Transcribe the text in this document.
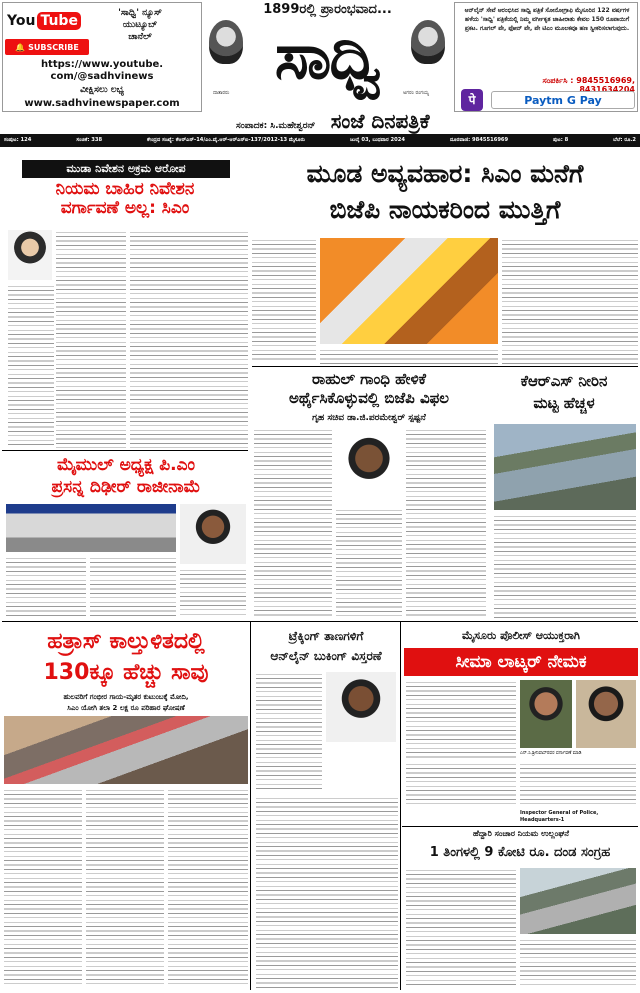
You Tube	'ಸಾಧ್ವಿ' ನ್ಯೂಸ್
ಯುಟ್ಯೂಬ್
ಚಾನೆಲ್
🔔 SUBSCRIBE
https://www.youtube.
com/@sadhvinews
ವೀಕ್ಷಿಸಲು ಲಭ್ಯ
www.sadhvinewspaper.com
1899ರಲ್ಲಿ ಪ್ರಾರಂಭವಾದ...
ದಾತಾರರು ಸಾಧ್ವಿ	ಅಗರಂ ರಂಗಯ್ಯ
ಆನ್‌ಲೈನ್ ಸೇವೆ ಆರಂಭಿಸಿದ ಸಾಧ್ವಿ ಪತ್ರಿಕೆ ಸೋನೋಗ್ರಾಫಿ ಮೈಸೂರಿನ 122 ವರ್ಷಗಳ ಹಳೆಯ 'ಸಾಧ್ವಿ' ಪತ್ರಿಕೆಯಲ್ಲಿ ನಿಮ್ಮ ವರ್ಗೀಕೃತ ಜಾಹೀರಾತು ಕೇವಲ 150 ರೂಪಾಯಿಗೆ ಪ್ರಕಟ. ಗೂಗಲ್ ಪೇ, ಫೋನ್ ಪೇ, ಪೇ ಟಿಎಂ ಮೂಲಕವೂ ಹಣ ಸ್ವೀಕರಿಸಲಾಗುವುದು.
ಸಂಪರ್ಕಿಸಿ : 9845516969,
8431634204
पे	Paytm G Pay
ಸಂಪಾದಕ: ಸಿ.ಮಹೇಶ್ವರನ್ ಸಂಜೆ ದಿನಪತ್ರಿಕೆ
ಸಂಪುಟ: 124	ಸಂಚಿಕೆ: 338	ಕೇಂದ್ರದ ಸಂಖ್ಯೆ: ಕೆಆರ್‌ಎನ್-14/ಎಂ.ವೈ.ಆರ್-ಆರ್‌ಎನ್‌ಐ-137/2012-13 ಮೈಸೂರು	ಜುಲೈ 03, ಬುಧವಾರ 2024	ದೂರವಾಣಿ: 9845516969	ಪುಟ: 8	ಬೆಲೆ: ರೂ.2
ಮುಡಾ ನಿವೇಶನ ಅಕ್ರಮ ಆರೋಪ
ನಿಯಮ ಬಾಹಿರ ನಿವೇಶನ
ವರ್ಗಾವಣೆ ಅಲ್ಲ: ಸಿಎಂ
ಮೂಡ ಅವ್ಯವಹಾರ: ಸಿಎಂ ಮನೆಗೆ
ಬಿಜೆಪಿ ನಾಯಕರಿಂದ ಮುತ್ತಿಗೆ
ರಾಹುಲ್ ಗಾಂಧಿ ಹೇಳಿಕೆ
ಅರ್ಥೈಸಿಕೊಳ್ಳುವಲ್ಲಿ ಬಿಜೆಪಿ ವಿಫಲ
ಗೃಹ ಸಚಿವ ಡಾ.ಜಿ.ಪರಮೇಶ್ವರ್ ಸ್ಪಷ್ಟನೆ
ಕೆಆರ್‌ಎಸ್ ನೀರಿನ
ಮಟ್ಟ ಹೆಚ್ಚಳ
ಮೈಮುಲ್ ಅಧ್ಯಕ್ಷ ಪಿ.ಎಂ
ಪ್ರಸನ್ನ ದಿಢೀರ್ ರಾಜೀನಾಮೆ
ಹತ್ರಾಸ್ ಕಾಲ್ತುಳಿತದಲ್ಲಿ
130ಕ್ಕೂ ಹೆಚ್ಚು ಸಾವು
ಹುಲವರಿಗೆ ಗಂಭೀರ ಗಾಯ-ಮೃತರ ಕುಟುಂಬಕ್ಕೆ ಮೋದಿ,
ಸಿಎಂ ಯೋಗಿ ತಲಾ 2 ಲಕ್ಷ ರೂ ಪರಿಹಾರ ಘೋಷಣೆ
ಟ್ರೆಕ್ಕಿಂಗ್ ತಾಣಗಳಿಗೆ
ಆನ್‌ಲೈನ್ ಬುಕಿಂಗ್ ವಿಸ್ತರಣೆ
ಮೈಸೂರು ಪೊಲೀಸ್ ಆಯುಕ್ತರಾಗಿ
ಸೀಮಾ ಲಾಟ್ಕರ್ ನೇಮಕ
ಎನ್.ಸಿ.ಶ್ರೀನಿವಾಸ್‌ರವರ ವರ್ಗಾವಣೆ ಮಾಡಿ
Inspector General of Police, Headquarters-1
ಹೆದ್ದಾರಿ ಸಂಚಾರ ನಿಯಮ ಉಲ್ಲಂಘನೆ
1 ತಿಂಗಳಲ್ಲಿ 9 ಕೋಟಿ ರೂ. ದಂಡ ಸಂಗ್ರಹ
